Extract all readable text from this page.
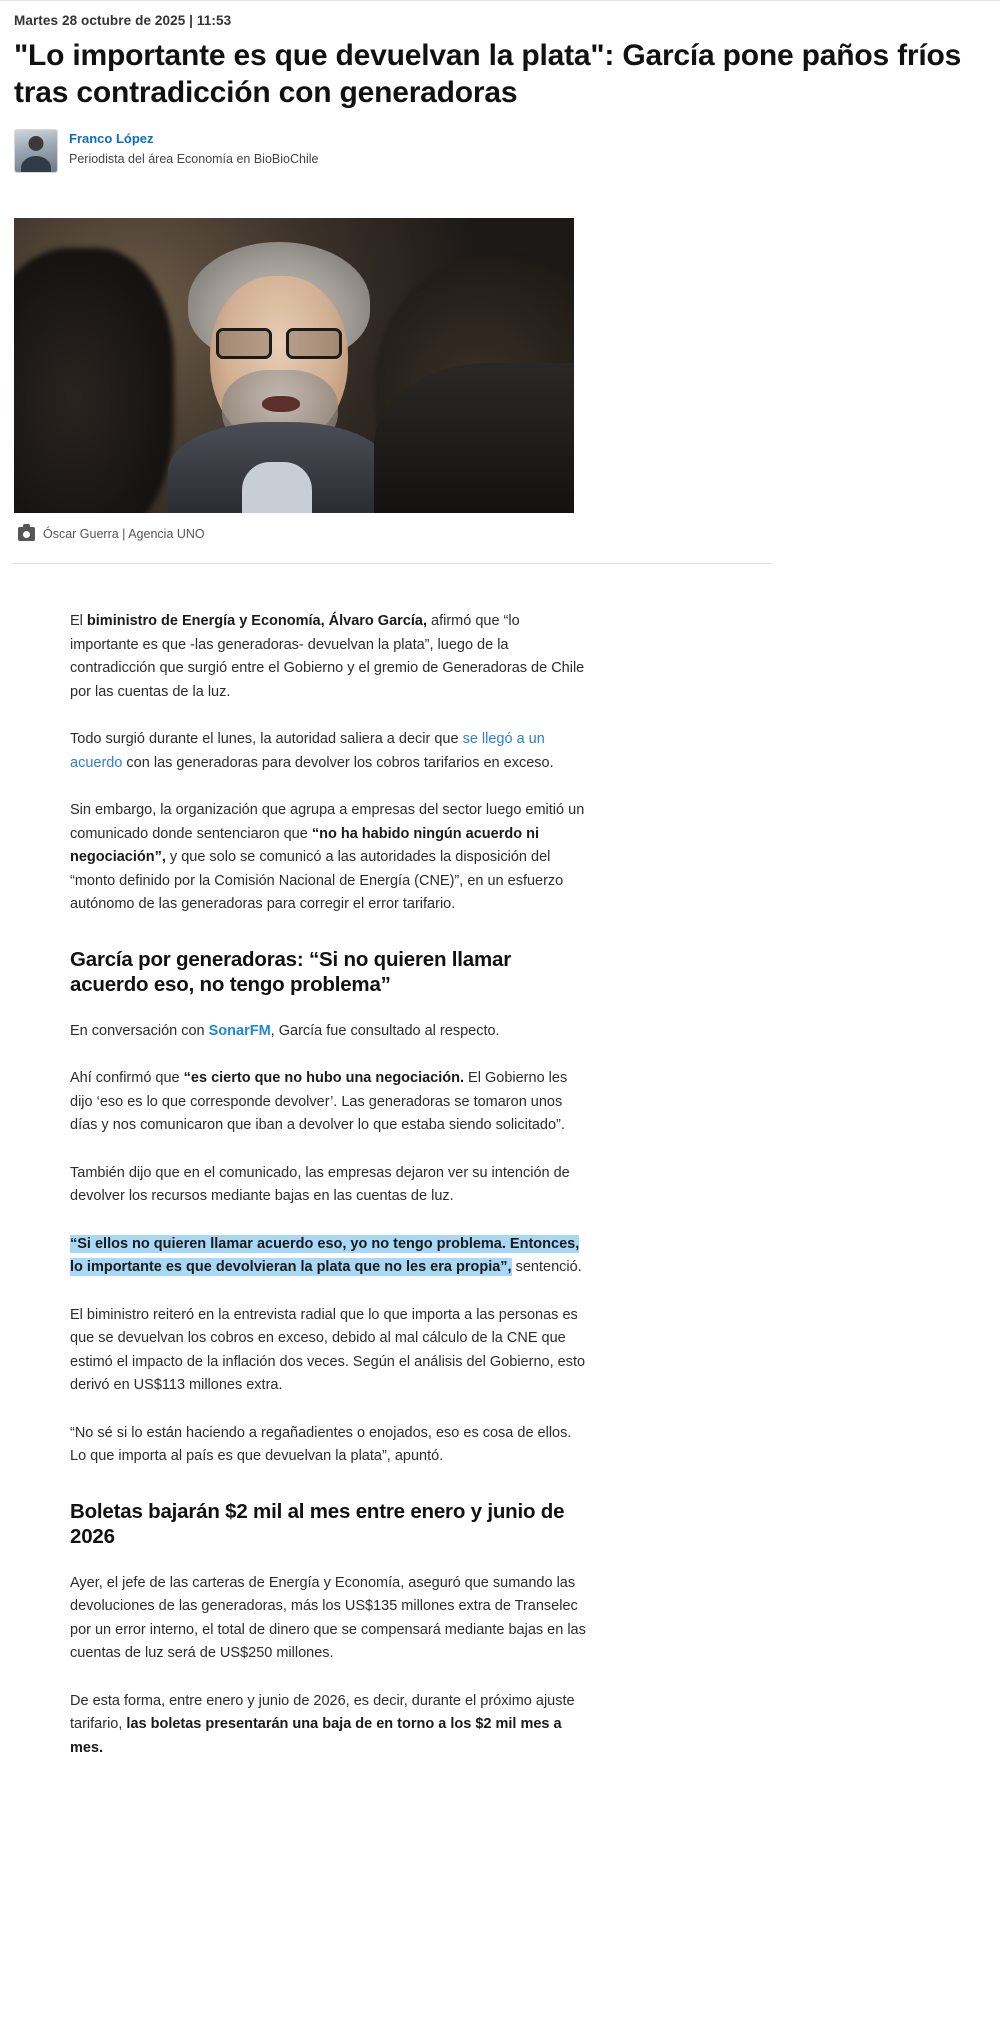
Martes 28 octubre de 2025 | 11:53
"Lo importante es que devuelvan la plata": García pone paños fríos tras contradicción con generadoras
Franco López
Periodista del área Economía en BioBioChile
Óscar Guerra | Agencia UNO

El biministro de Energía y Economía, Álvaro García, afirmó que “lo importante es que -las generadoras- devuelvan la plata”, luego de la contradicción que surgió entre el Gobierno y el gremio de Generadoras de Chile por las cuentas de la luz.

Todo surgió durante el lunes, la autoridad saliera a decir que se llegó a un acuerdo con las generadoras para devolver los cobros tarifarios en exceso.

Sin embargo, la organización que agrupa a empresas del sector luego emitió un comunicado donde sentenciaron que “no ha habido ningún acuerdo ni negociación”, y que solo se comunicó a las autoridades la disposición del “monto definido por la Comisión Nacional de Energía (CNE)”, en un esfuerzo autónomo de las generadoras para corregir el error tarifario.

García por generadoras: “Si no quieren llamar acuerdo eso, no tengo problema”

En conversación con SonarFM, García fue consultado al respecto.

Ahí confirmó que “es cierto que no hubo una negociación. El Gobierno les dijo ‘eso es lo que corresponde devolver’. Las generadoras se tomaron unos días y nos comunicaron que iban a devolver lo que estaba siendo solicitado”.

También dijo que en el comunicado, las empresas dejaron ver su intención de devolver los recursos mediante bajas en las cuentas de luz.

“Si ellos no quieren llamar acuerdo eso, yo no tengo problema. Entonces, lo importante es que devolvieran la plata que no les era propia”, sentenció.

El biministro reiteró en la entrevista radial que lo que importa a las personas es que se devuelvan los cobros en exceso, debido al mal cálculo de la CNE que estimó el impacto de la inflación dos veces. Según el análisis del Gobierno, esto derivó en US$113 millones extra.

“No sé si lo están haciendo a regañadientes o enojados, eso es cosa de ellos. Lo que importa al país es que devuelvan la plata”, apuntó.

Boletas bajarán $2 mil al mes entre enero y junio de 2026

Ayer, el jefe de las carteras de Energía y Economía, aseguró que sumando las devoluciones de las generadoras, más los US$135 millones extra de Transelec por un error interno, el total de dinero que se compensará mediante bajas en las cuentas de luz será de US$250 millones.

De esta forma, entre enero y junio de 2026, es decir, durante el próximo ajuste tarifario, las boletas presentarán una baja de en torno a los $2 mil mes a mes.
